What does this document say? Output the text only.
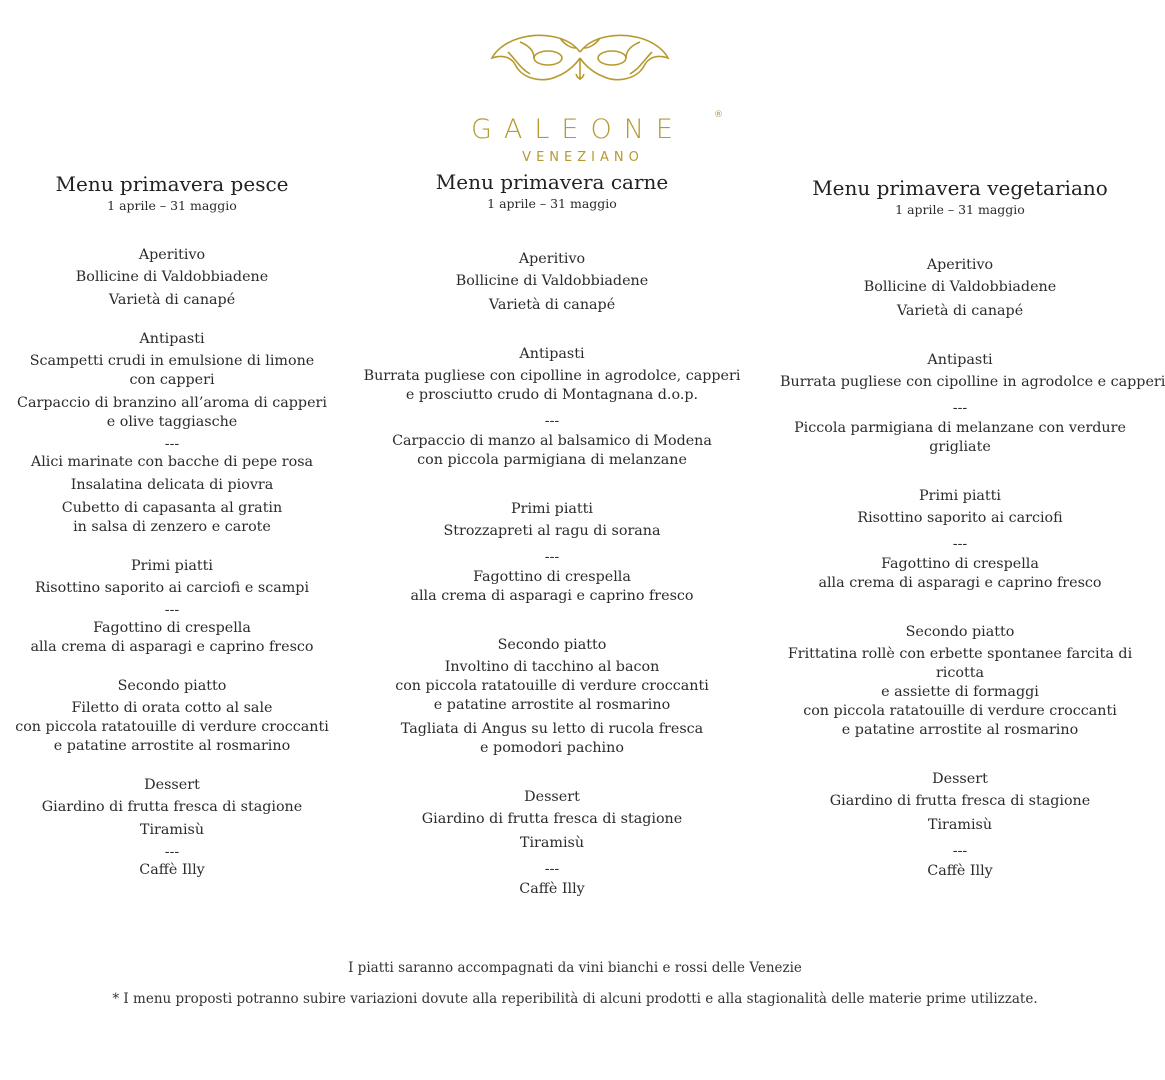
GALEONE	®
VENEZIANO
Menu primavera pesce
1 aprile – 31 maggio
Aperitivo
Bollicine di Valdobbiadene
Varietà di canapé
Antipasti
Scampetti crudi in emulsione di limone
con capperi
Carpaccio di branzino all’aroma di capperi
e olive taggiasche
---
Alici marinate con bacche di pepe rosa
Insalatina delicata di piovra
Cubetto di capasanta al gratin
in salsa di zenzero e carote
Primi piatti
Risottino saporito ai carciofi e scampi
---
Fagottino di crespella
alla crema di asparagi e caprino fresco
Secondo piatto
Filetto di orata cotto al sale
con piccola ratatouille di verdure croccanti
e patatine arrostite al rosmarino
Dessert
Giardino di frutta fresca di stagione
Tiramisù
---
Caffè Illy
Menu primavera carne
1 aprile – 31 maggio
Aperitivo
Bollicine di Valdobbiadene
Varietà di canapé
Antipasti
Burrata pugliese con cipolline in agrodolce, capperi
e prosciutto crudo di Montagnana d.o.p.
---
Carpaccio di manzo al balsamico di Modena
con piccola parmigiana di melanzane
Primi piatti
Strozzapreti al ragu di sorana
---
Fagottino di crespella
alla crema di asparagi e caprino fresco
Secondo piatto
Involtino di tacchino al bacon
con piccola ratatouille di verdure croccanti
e patatine arrostite al rosmarino
Tagliata di Angus su letto di rucola fresca
e pomodori pachino
Dessert
Giardino di frutta fresca di stagione
Tiramisù
---
Caffè Illy
Menu primavera vegetariano
1 aprile – 31 maggio
Aperitivo
Bollicine di Valdobbiadene
Varietà di canapé
Antipasti
Burrata pugliese con cipolline in agrodolce e capperi
---
Piccola parmigiana di melanzane con verdure
grigliate
Primi piatti
Risottino saporito ai carciofi
---
Fagottino di crespella
alla crema di asparagi e caprino fresco
Secondo piatto
Frittatina rollè con erbette spontanee farcita di
ricotta
e assiette di formaggi
con piccola ratatouille di verdure croccanti
e patatine arrostite al rosmarino
Dessert
Giardino di frutta fresca di stagione
Tiramisù
---
Caffè Illy
I piatti saranno accompagnati da vini bianchi e rossi delle Venezie
* I menu proposti potranno subire variazioni dovute alla reperibilità di alcuni prodotti e alla stagionalità delle materie prime utilizzate.
